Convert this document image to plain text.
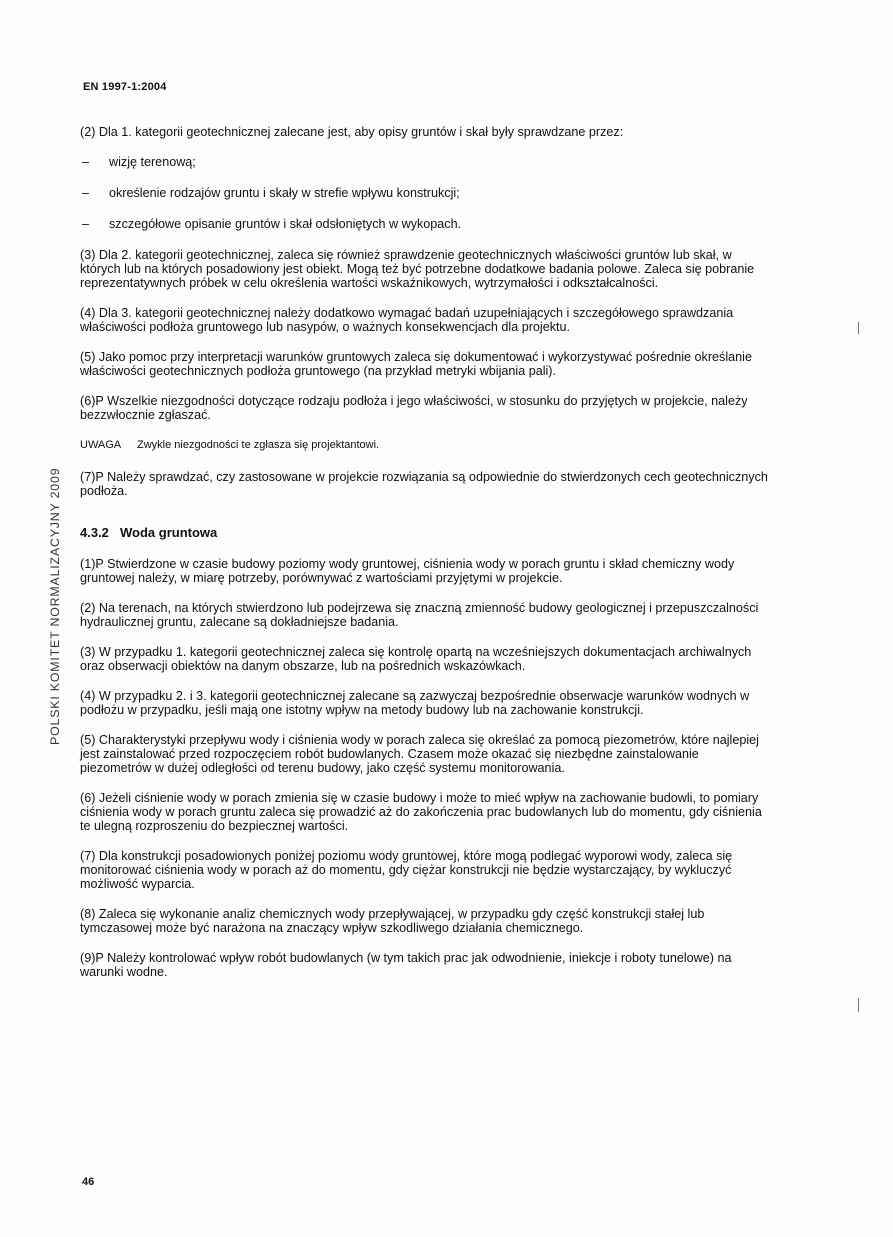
EN 1997-1:2004
POLSKI KOMITET NORMALIZACYJNY 2009

(2) Dla 1. kategorii geotechnicznej zalecane jest, aby opisy gruntów i skał były sprawdzane przez:

– wizję terenową;
– określenie rodzajów gruntu i skały w strefie wpływu konstrukcji;
– szczegółowe opisanie gruntów i skał odsłoniętych w wykopach.

(3) Dla 2. kategorii geotechnicznej, zaleca się również sprawdzenie geotechnicznych właściwości gruntów lub skał, w których lub na których posadowiony jest obiekt. Mogą też być potrzebne dodatkowe badania polowe. Zaleca się pobranie reprezentatywnych próbek w celu określenia wartości wskaźnikowych, wytrzymałości i odkształcalności.

(4) Dla 3. kategorii geotechnicznej należy dodatkowo wymagać badań uzupełniających i szczegółowego sprawdzania właściwości podłoża gruntowego lub nasypów, o ważnych konsekwencjach dla projektu.

(5) Jako pomoc przy interpretacji warunków gruntowych zaleca się dokumentować i wykorzystywać pośrednie określanie właściwości geotechnicznych podłoża gruntowego (na przykład metryki wbijania pali).

(6)P Wszelkie niezgodności dotyczące rodzaju podłoża i jego właściwości, w stosunku do przyjętych w projekcie, należy bezzwłocznie zgłaszać.

UWAGA Zwykle niezgodności te zgłasza się projektantowi.

(7)P Należy sprawdzać, czy zastosowane w projekcie rozwiązania są odpowiednie do stwierdzonych cech geotechnicznych podłoża.

4.3.2 Woda gruntowa

(1)P Stwierdzone w czasie budowy poziomy wody gruntowej, ciśnienia wody w porach gruntu i skład chemiczny wody gruntowej należy, w miarę potrzeby, porównywać z wartościami przyjętymi w projekcie.

(2) Na terenach, na których stwierdzono lub podejrzewa się znaczną zmienność budowy geologicznej i przepuszczalności hydraulicznej gruntu, zalecane są dokładniejsze badania.

(3) W przypadku 1. kategorii geotechnicznej zaleca się kontrolę opartą na wcześniejszych dokumentacjach archiwalnych oraz obserwacji obiektów na danym obszarze, lub na pośrednich wskazówkach.

(4) W przypadku 2. i 3. kategorii geotechnicznej zalecane są zazwyczaj bezpośrednie obserwacje warunków wodnych w podłożu w przypadku, jeśli mają one istotny wpływ na metody budowy lub na zachowanie konstrukcji.

(5) Charakterystyki przepływu wody i ciśnienia wody w porach zaleca się określać za pomocą piezometrów, które najlepiej jest zainstalować przed rozpoczęciem robót budowlanych. Czasem może okazać się niezbędne zainstalowanie piezometrów w dużej odległości od terenu budowy, jako część systemu monitorowania.

(6) Jeżeli ciśnienie wody w porach zmienia się w czasie budowy i może to mieć wpływ na zachowanie budowli, to pomiary ciśnienia wody w porach gruntu zaleca się prowadzić aż do zakończenia prac budowlanych lub do momentu, gdy ciśnienia te ulegną rozproszeniu do bezpiecznej wartości.

(7) Dla konstrukcji posadowionych poniżej poziomu wody gruntowej, które mogą podlegać wyporowi wody, zaleca się monitorować ciśnienia wody w porach aż do momentu, gdy ciężar konstrukcji nie będzie wystarczający, by wykluczyć możliwość wyparcia.

(8) Zaleca się wykonanie analiz chemicznych wody przepływającej, w przypadku gdy część konstrukcji stałej lub tymczasowej może być narażona na znaczący wpływ szkodliwego działania chemicznego.

(9)P Należy kontrolować wpływ robót budowlanych (w tym takich prac jak odwodnienie, iniekcje i roboty tunelowe) na warunki wodne.

46
